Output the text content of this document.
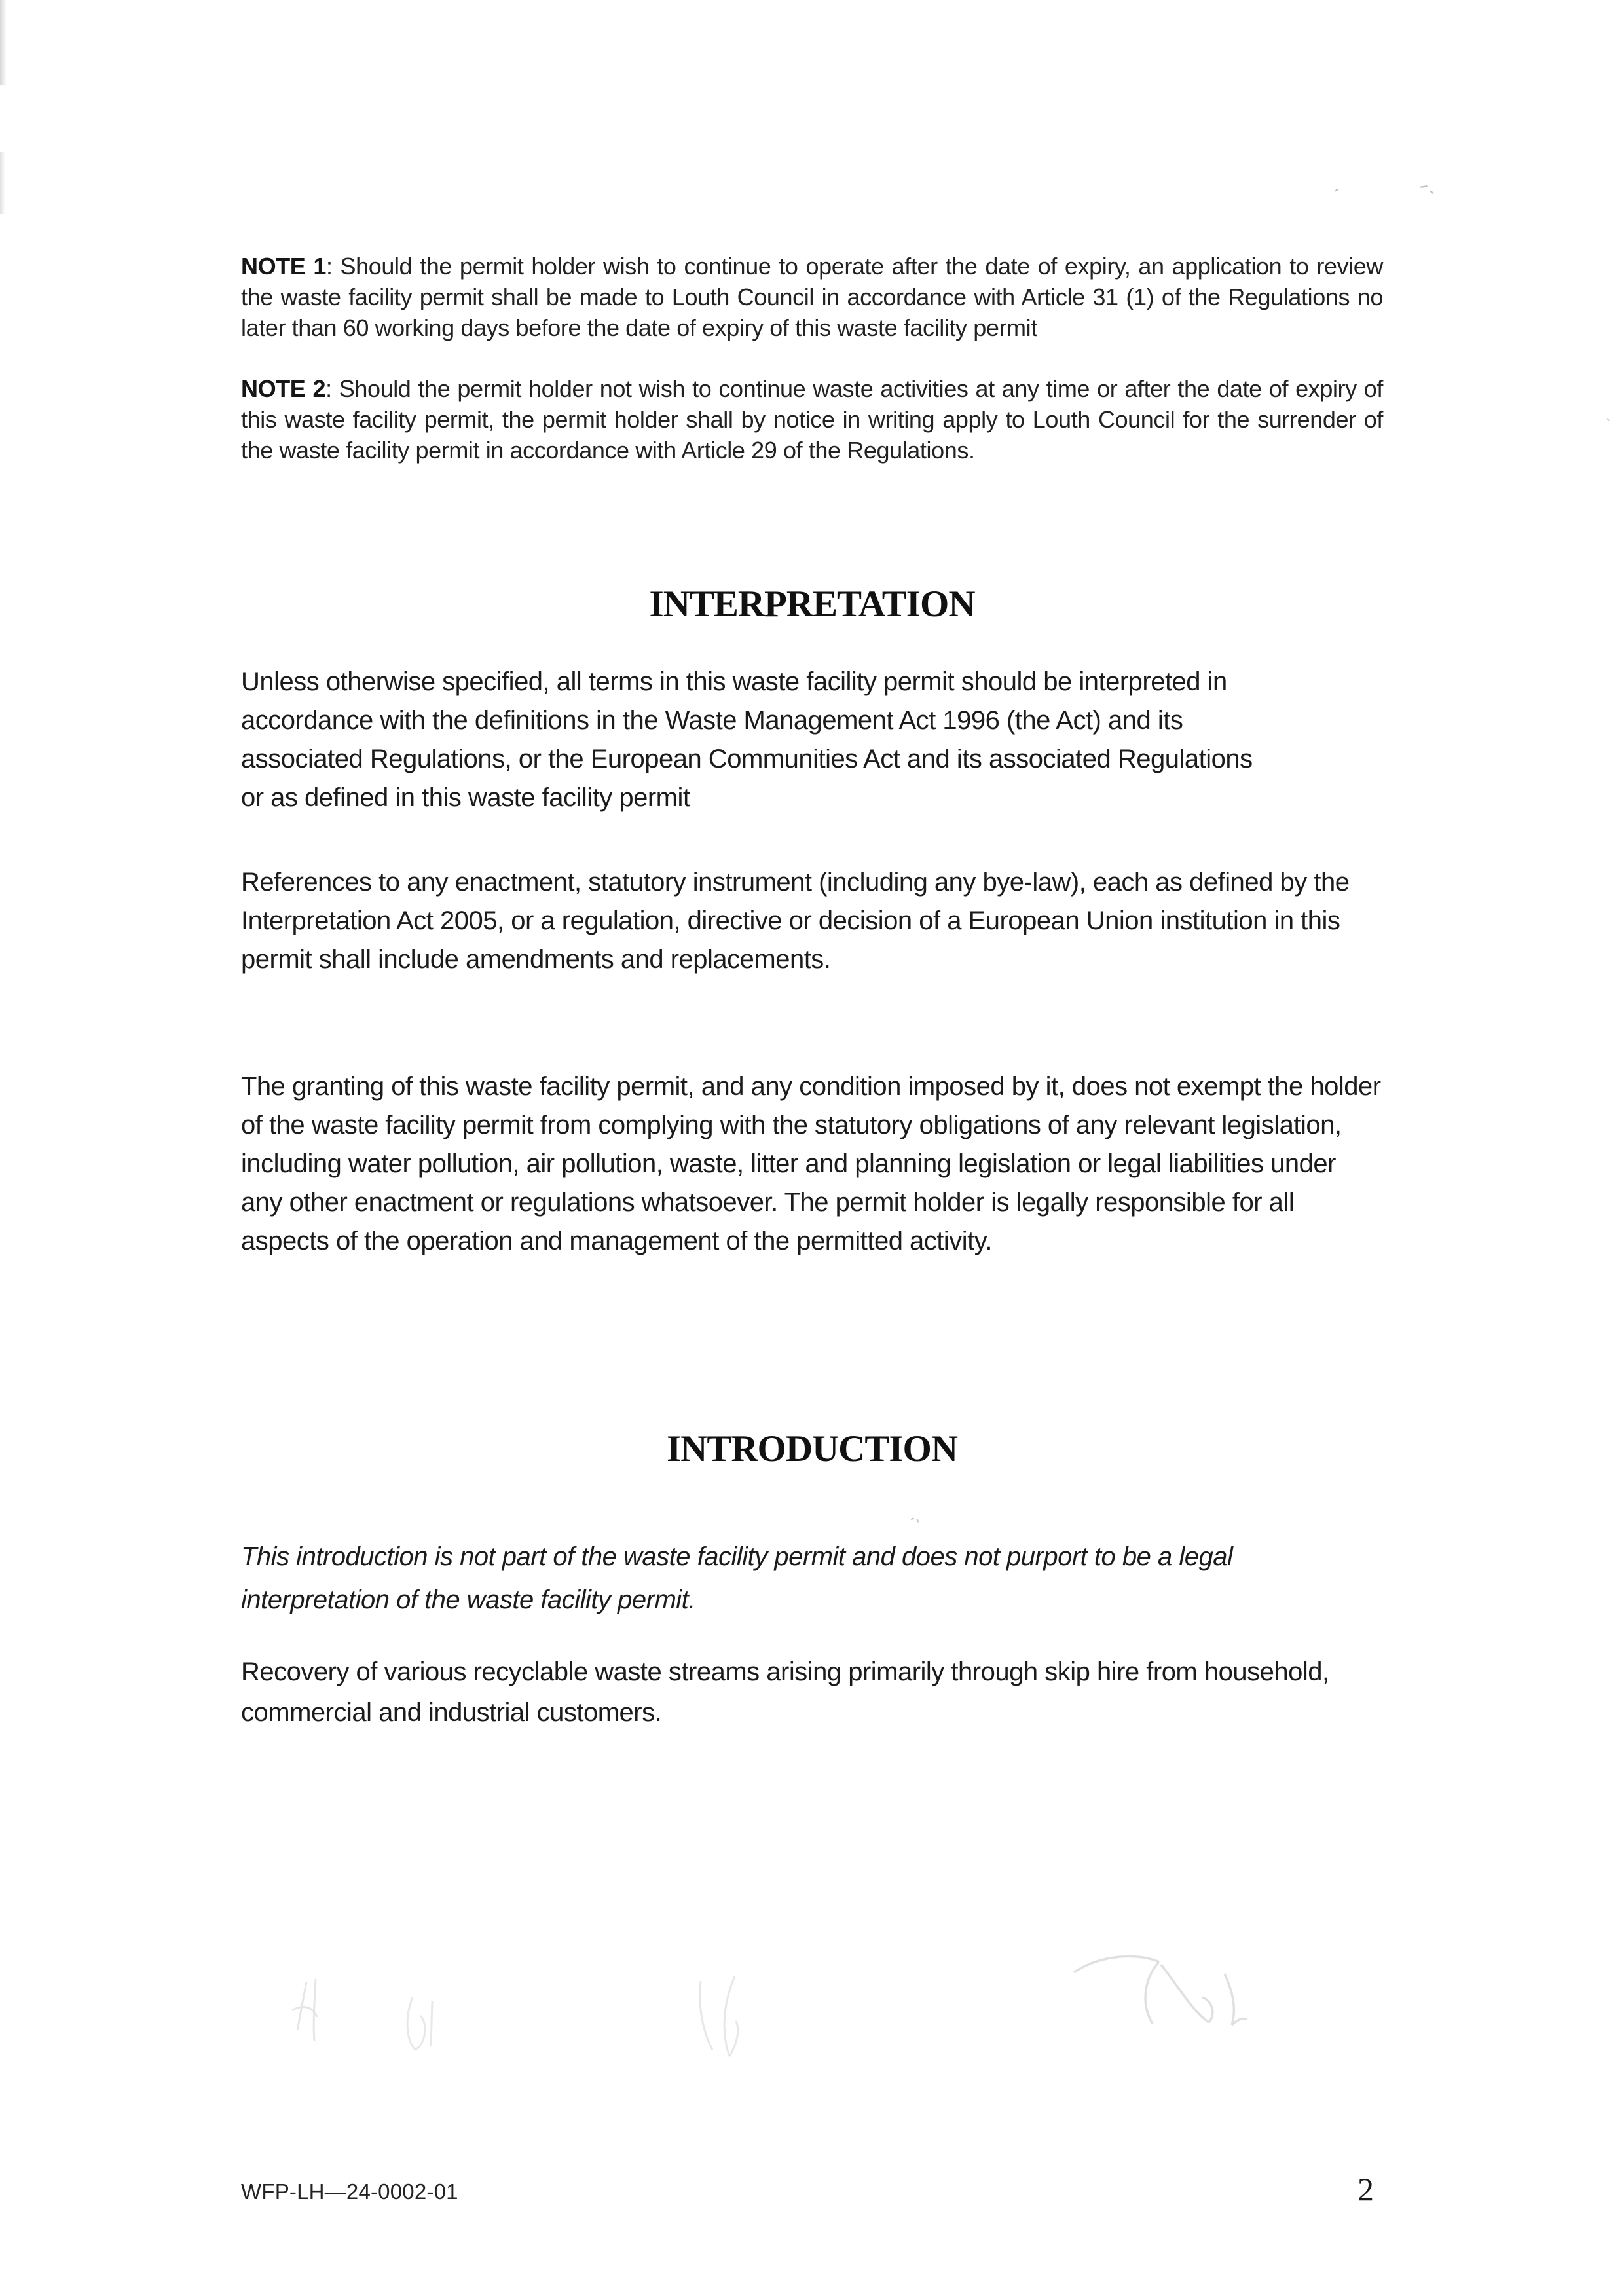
ˏ	˗ˎ
ˎ
ˏˎ

NOTE 1: Should the permit holder wish to continue to operate after the date of expiry, an application to review the waste facility permit shall be made to Louth Council in accordance with Article 31 (1) of the Regulations no later than 60 working days before the date of expiry of this waste facility permit

NOTE 2: Should the permit holder not wish to continue waste activities at any time or after the date of expiry of this waste facility permit, the permit holder shall by notice in writing apply to Louth Council for the surrender of the waste facility permit in accordance with Article 29 of the Regulations.

INTERPRETATION

Unless otherwise specified, all terms in this waste facility permit should be interpreted in accordance with the definitions in the Waste Management Act 1996 (the Act) and its associated Regulations, or the European Communities Act and its associated Regulations or as defined in this waste facility permit

References to any enactment, statutory instrument (including any bye-law), each as defined by the Interpretation Act 2005, or a regulation, directive or decision of a European Union institution in this permit shall include amendments and replacements.

The granting of this waste facility permit, and any condition imposed by it, does not exempt the holder of the waste facility permit from complying with the statutory obligations of any relevant legislation, including water pollution, air pollution, waste, litter and planning legislation or legal liabilities under any other enactment or regulations whatsoever. The permit holder is legally responsible for all aspects of the operation and management of the permitted activity.

INTRODUCTION

This introduction is not part of the waste facility permit and does not purport to be a legal interpretation of the waste facility permit.

Recovery of various recyclable waste streams arising primarily through skip hire from household, commercial and industrial customers.

WFP-LH—24-0002-01	2
